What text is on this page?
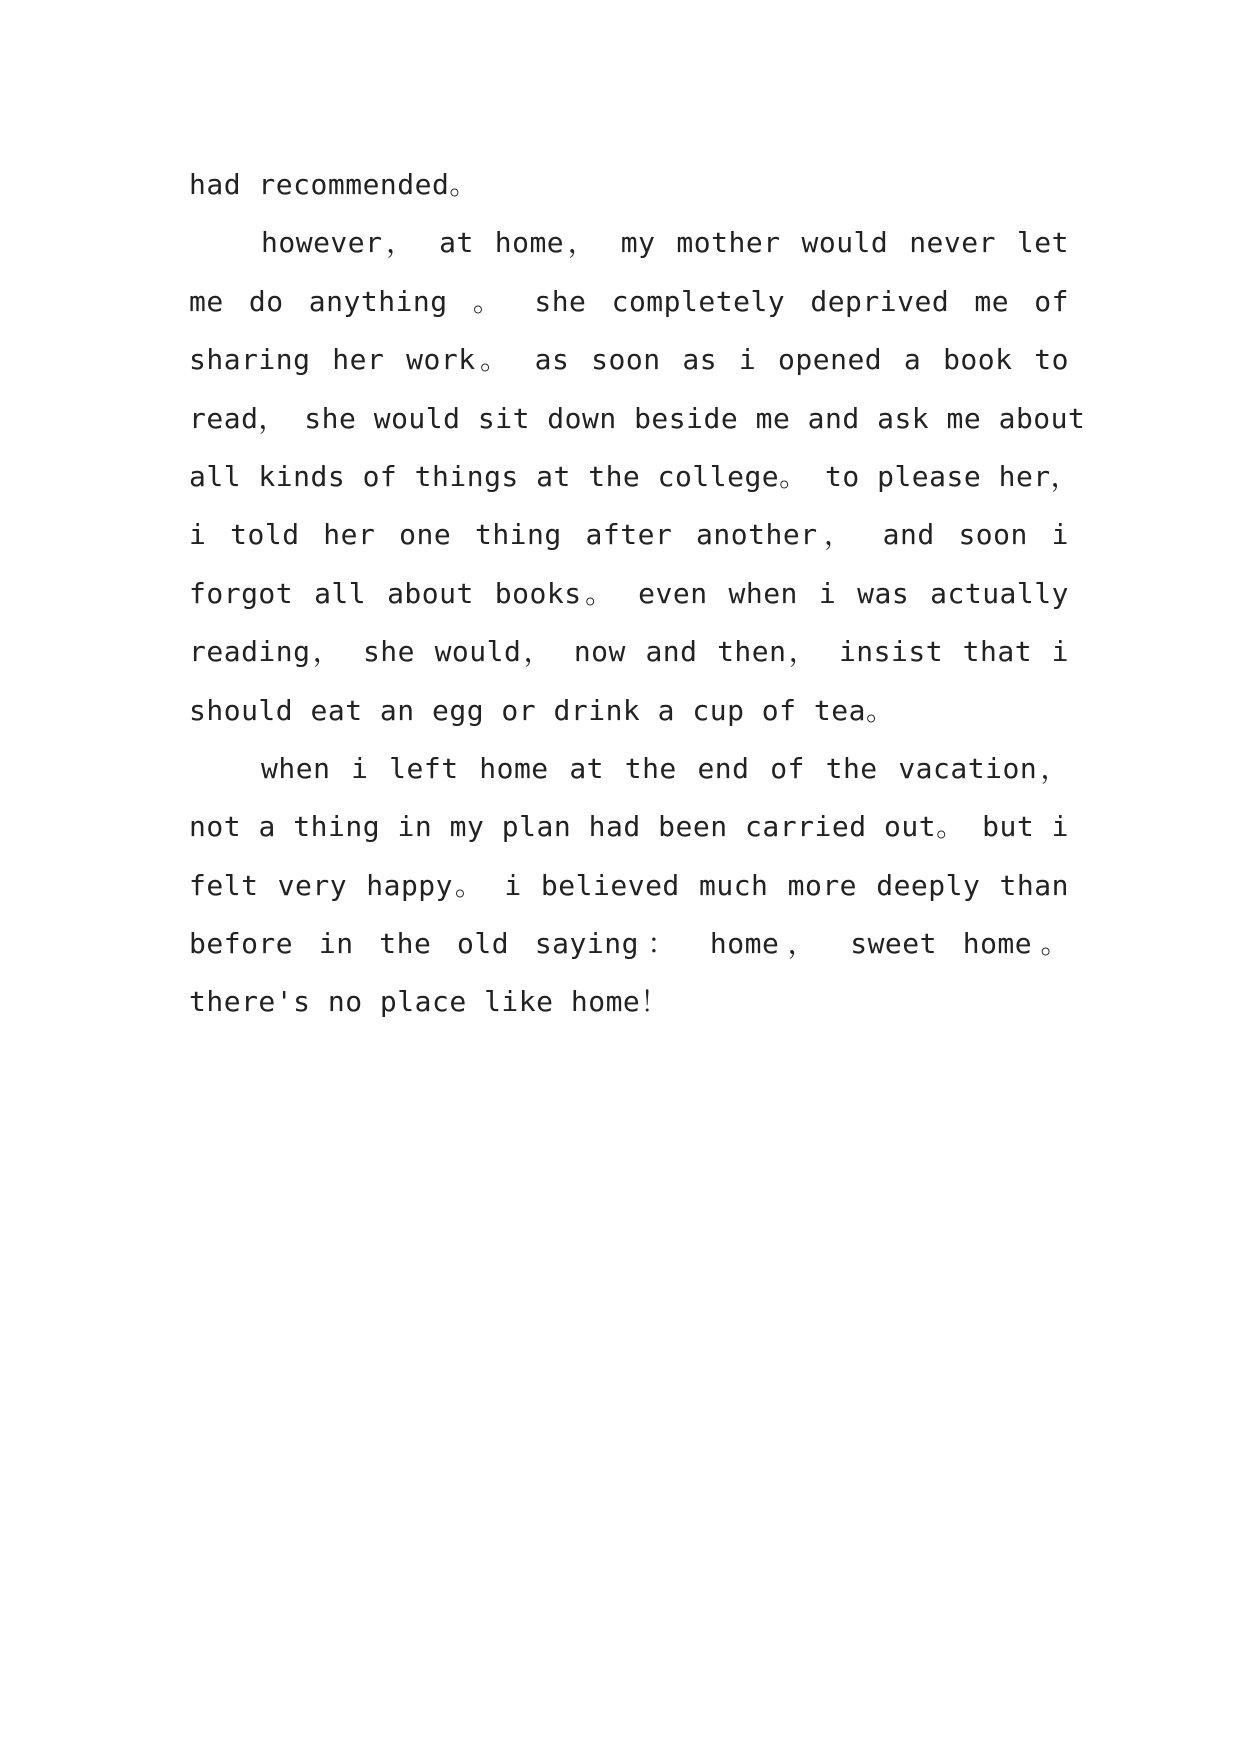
had recommended。
however， at home， my mother would never let
me do anything 。 she completely deprived me of
sharing her work。 as soon as i opened a book to
read， she would sit down beside me and ask me about
all kinds of things at the college。 to please her，
i told her one thing after another， and soon i
forgot all about books。 even when i was actually
reading， she would， now and then， insist that i
should eat an egg or drink a cup of tea。
when i left home at the end of the vacation，
not a thing in my plan had been carried out。 but i
felt very happy。 i believed much more deeply than
before in the old saying： home， sweet home。
there's no place like home！
